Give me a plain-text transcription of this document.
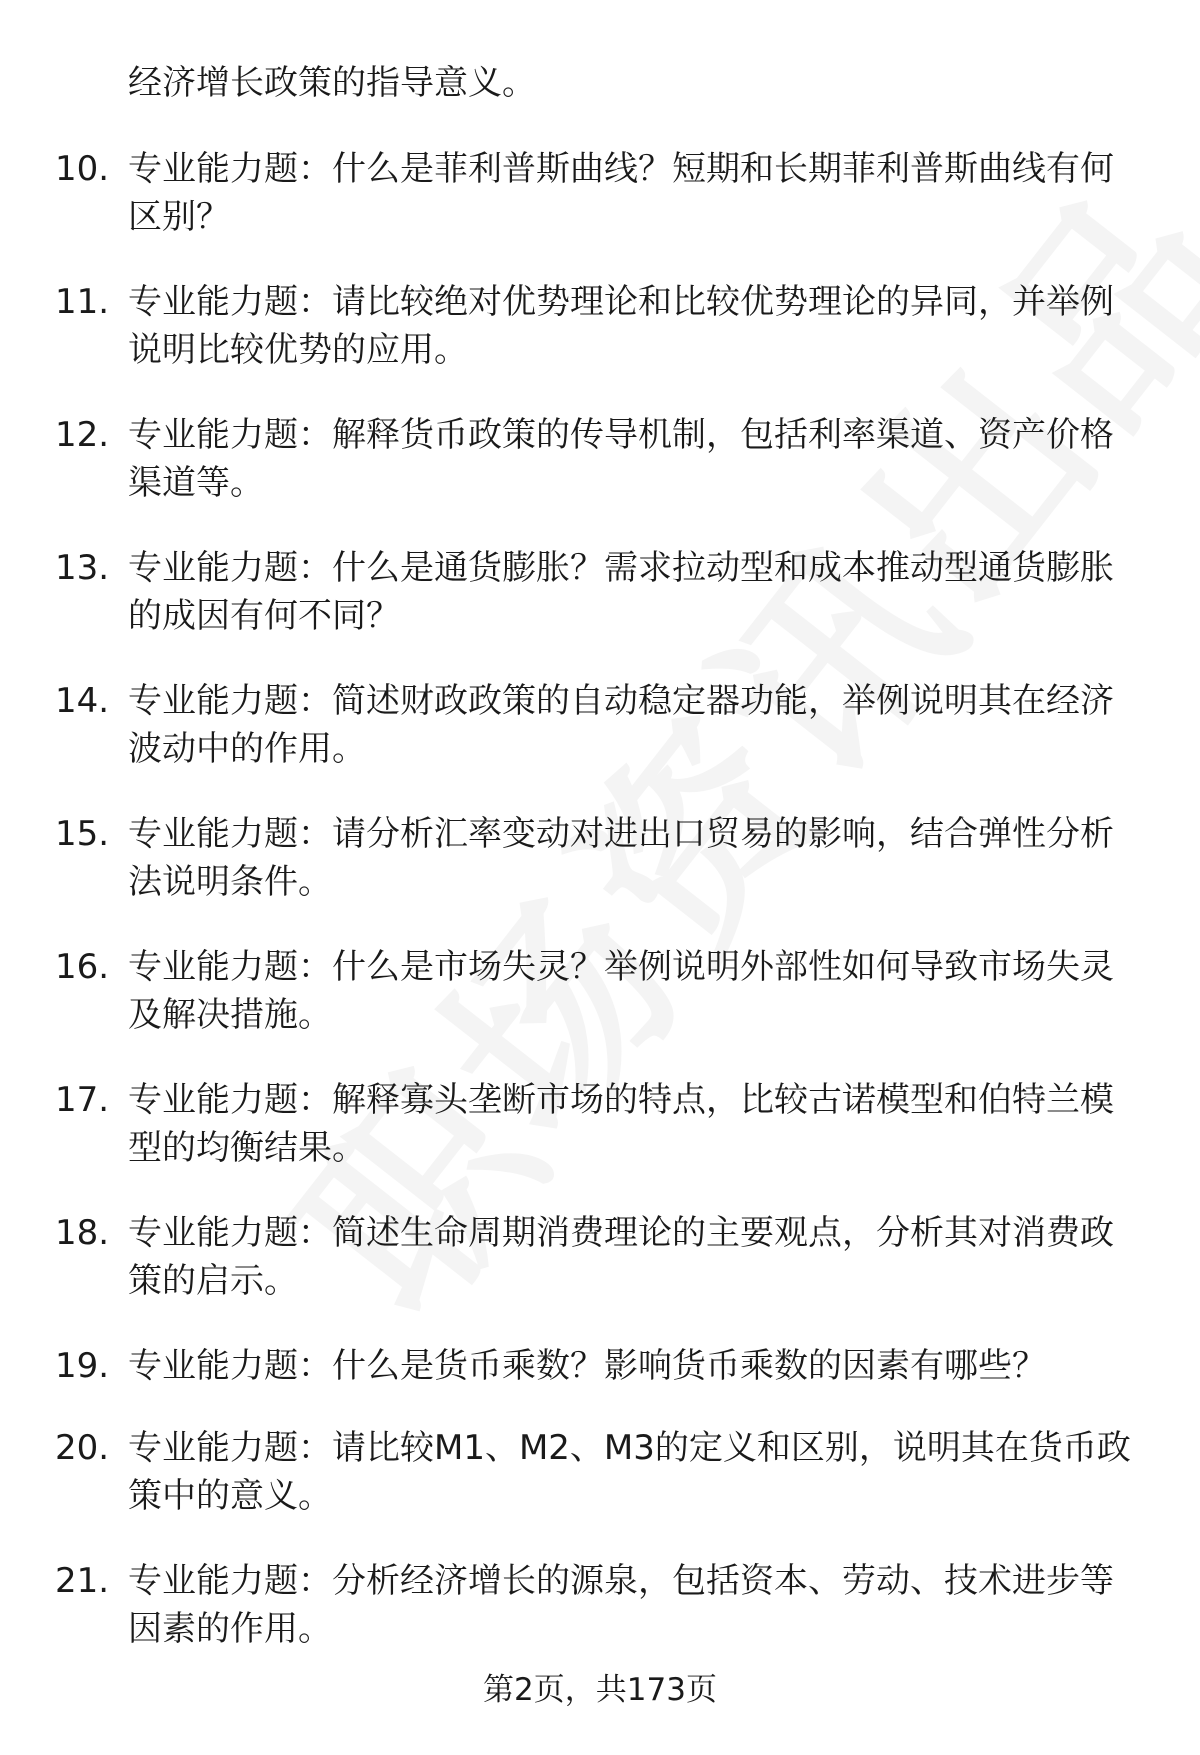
经济增长政策的指导意义。
10. 专业能力题：什么是菲利普斯曲线？短期和长期菲利普斯曲线有何区别？
11. 专业能力题：请比较绝对优势理论和比较优势理论的异同，并举例说明比较优势的应用。
12. 专业能力题：解释货币政策的传导机制，包括利率渠道、资产价格渠道等。
13. 专业能力题：什么是通货膨胀？需求拉动型和成本推动型通货膨胀的成因有何不同？
14. 专业能力题：简述财政政策的自动稳定器功能，举例说明其在经济波动中的作用。
15. 专业能力题：请分析汇率变动对进出口贸易的影响，结合弹性分析法说明条件。
16. 专业能力题：什么是市场失灵？举例说明外部性如何导致市场失灵及解决措施。
17. 专业能力题：解释寡头垄断市场的特点，比较古诺模型和伯特兰模型的均衡结果。
18. 专业能力题：简述生命周期消费理论的主要观点，分析其对消费政策的启示。
19. 专业能力题：什么是货币乘数？影响货币乘数的因素有哪些？
20. 专业能力题：请比较M1、M2、M3的定义和区别，说明其在货币政策中的意义。
21. 专业能力题：分析经济增长的源泉，包括资本、劳动、技术进步等因素的作用。
第2页，共173页
